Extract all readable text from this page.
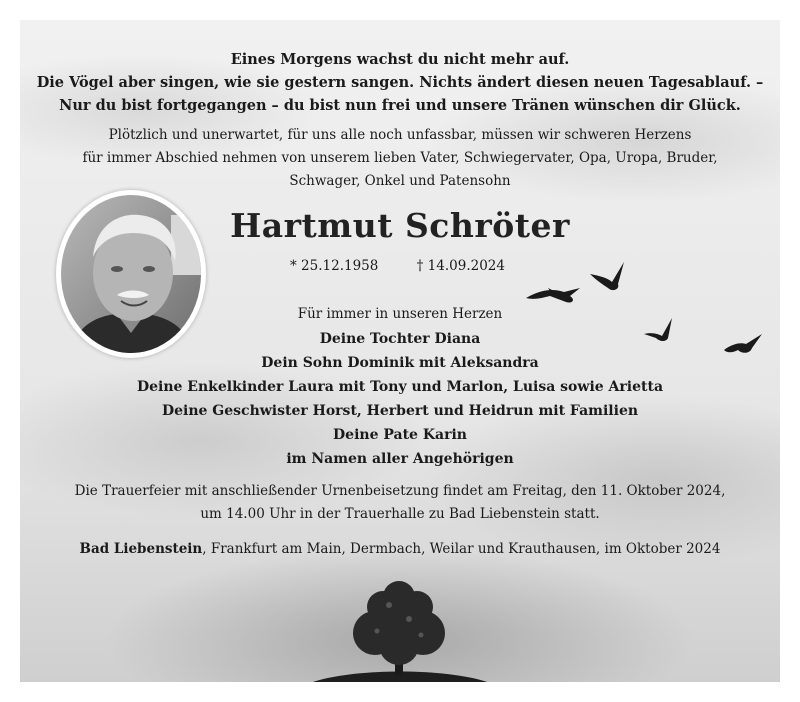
Eines Morgens wachst du nicht mehr auf.
Die Vögel aber singen, wie sie gestern sangen. Nichts ändert diesen neuen Tagesablauf. –
Nur du bist fortgegangen – du bist nun frei und unsere Tränen wünschen dir Glück.
Plötzlich und unerwartet, für uns alle noch unfassbar, müssen wir schweren Herzens
für immer Abschied nehmen von unserem lieben Vater, Schwiegervater, Opa, Uropa, Bruder,
Schwager, Onkel und Patensohn
Hartmut Schröter
* 25.12.1958	† 14.09.2024
Für immer in unseren Herzen
Deine Tochter Diana
Dein Sohn Dominik mit Aleksandra
Deine Enkelkinder Laura mit Tony und Marlon, Luisa sowie Arietta
Deine Geschwister Horst, Herbert und Heidrun mit Familien
Deine Pate Karin
im Namen aller Angehörigen
Die Trauerfeier mit anschließender Urnenbeisetzung findet am Freitag, den 11. Oktober 2024,
um 14.00 Uhr in der Trauerhalle zu Bad Liebenstein statt.
Bad Liebenstein, Frankfurt am Main, Dermbach, Weilar und Krauthausen, im Oktober 2024
